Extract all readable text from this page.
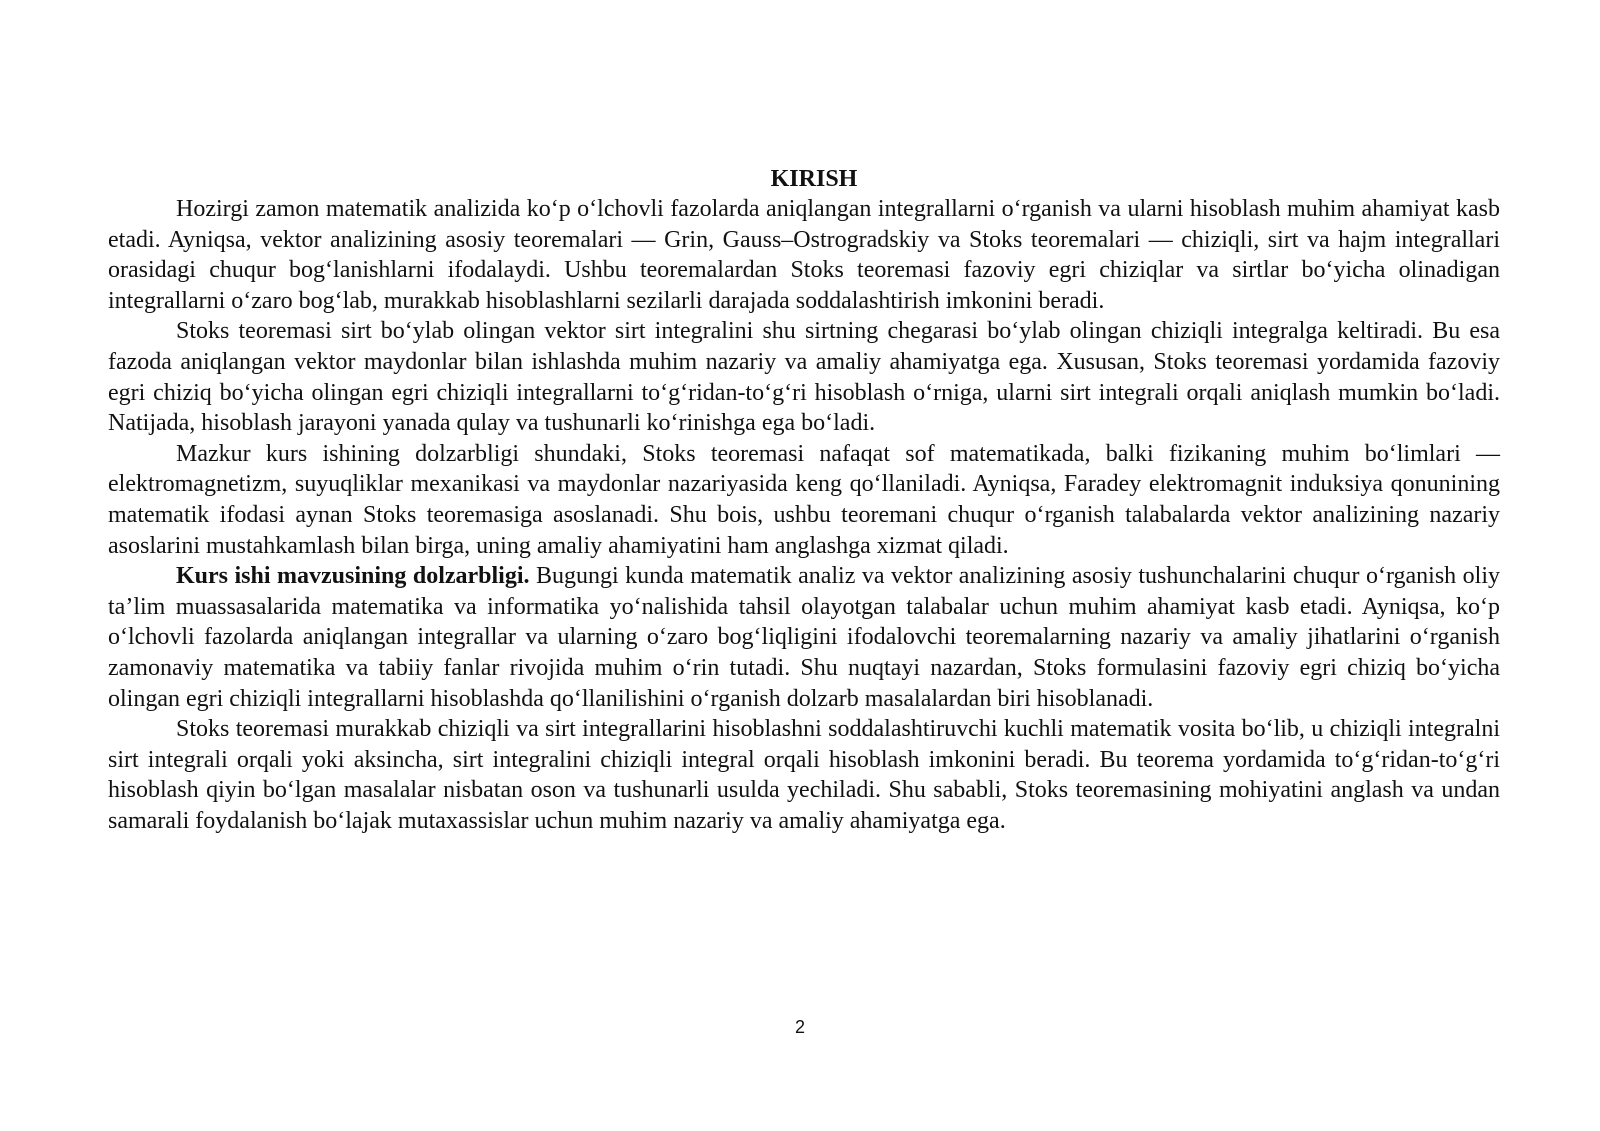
KIRISH

Hozirgi zamon matematik analizida ko‘p o‘lchovli fazolarda aniqlangan integrallarni o‘rganish va ularni hisoblash muhim ahamiyat kasb etadi. Ayniqsa, vektor analizining asosiy teoremalari — Grin, Gauss–Ostrogradskiy va Stoks teoremalari — chiziqli, sirt va hajm integrallari orasidagi chuqur bog‘lanishlarni ifodalaydi. Ushbu teoremalardan Stoks teoremasi fazoviy egri chiziqlar va sirtlar bo‘yicha olinadigan integrallarni o‘zaro bog‘lab, murakkab hisoblashlarni sezilarli darajada soddalashtirish imkonini beradi.

Stoks teoremasi sirt bo‘ylab olingan vektor sirt integralini shu sirtning chegarasi bo‘ylab olingan chiziqli integralga keltiradi. Bu esa fazoda aniqlangan vektor maydonlar bilan ishlashda muhim nazariy va amaliy ahamiyatga ega. Xususan, Stoks teoremasi yordamida fazoviy egri chiziq bo‘yicha olingan egri chiziqli integrallarni to‘g‘ridan-to‘g‘ri hisoblash o‘rniga, ularni sirt integrali orqali aniqlash mumkin bo‘ladi. Natijada, hisoblash jarayoni yanada qulay va tushunarli ko‘rinishga ega bo‘ladi.

Mazkur kurs ishining dolzarbligi shundaki, Stoks teoremasi nafaqat sof matematikada, balki fizikaning muhim bo‘limlari — elektromagnetizm, suyuqliklar mexanikasi va maydonlar nazariyasida keng qo‘llaniladi. Ayniqsa, Faradey elektromagnit induksiya qonunining matematik ifodasi aynan Stoks teoremasiga asoslanadi. Shu bois, ushbu teoremani chuqur o‘rganish talabalarda vektor analizining nazariy asoslarini mustahkamlash bilan birga, uning amaliy ahamiyatini ham anglashga xizmat qiladi.

Kurs ishi mavzusining dolzarbligi. Bugungi kunda matematik analiz va vektor analizining asosiy tushunchalarini chuqur o‘rganish oliy ta’lim muassasalarida matematika va informatika yo‘nalishida tahsil olayotgan talabalar uchun muhim ahamiyat kasb etadi. Ayniqsa, ko‘p o‘lchovli fazolarda aniqlangan integrallar va ularning o‘zaro bog‘liqligini ifodalovchi teoremalarning nazariy va amaliy jihatlarini o‘rganish zamonaviy matematika va tabiiy fanlar rivojida muhim o‘rin tutadi. Shu nuqtayi nazardan, Stoks formulasini fazoviy egri chiziq bo‘yicha olingan egri chiziqli integrallarni hisoblashda qo‘llanilishini o‘rganish dolzarb masalalardan biri hisoblanadi.

Stoks teoremasi murakkab chiziqli va sirt integrallarini hisoblashni soddalashtiruvchi kuchli matematik vosita bo‘lib, u chiziqli integralni sirt integrali orqali yoki aksincha, sirt integralini chiziqli integral orqali hisoblash imkonini beradi. Bu teorema yordamida to‘g‘ridan-to‘g‘ri hisoblash qiyin bo‘lgan masalalar nisbatan oson va tushunarli usulda yechiladi. Shu sababli, Stoks teoremasining mohiyatini anglash va undan samarali foydalanish bo‘lajak mutaxassislar uchun muhim nazariy va amaliy ahamiyatga ega.

2
